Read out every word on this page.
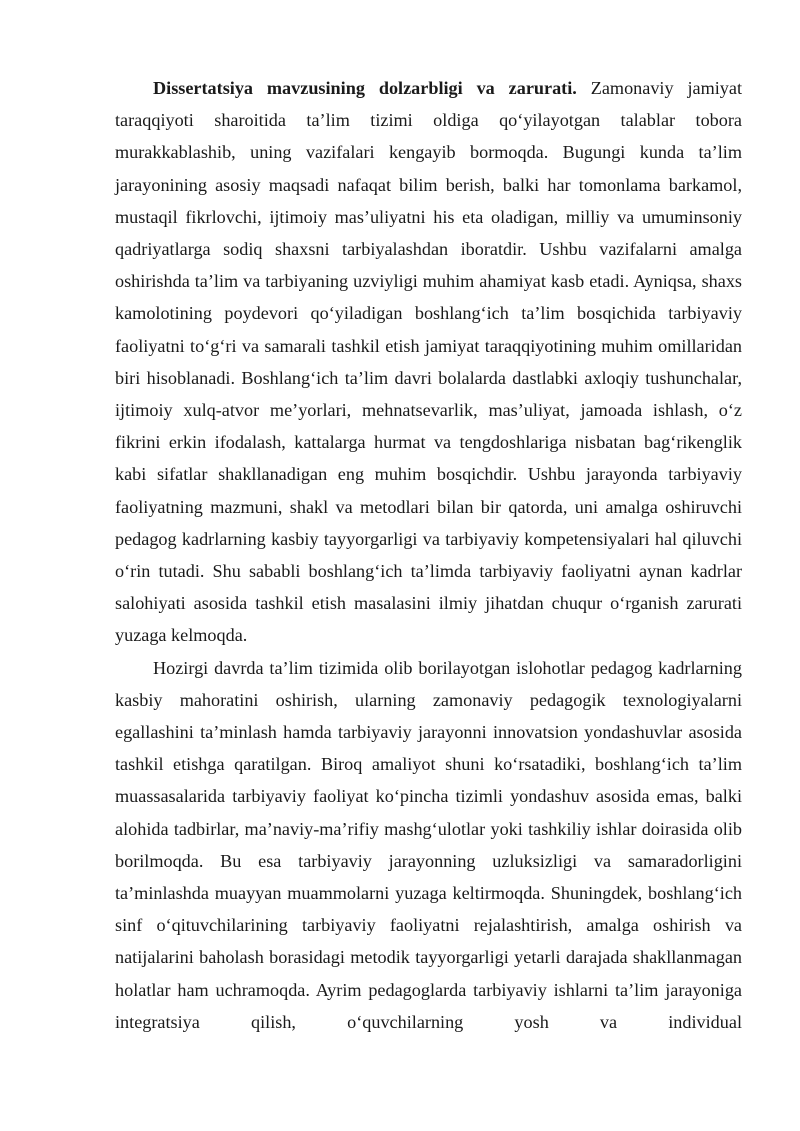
Dissertatsiya mavzusining dolzarbligi va zarurati. Zamonaviy jamiyat taraqqiyoti sharoitida ta’lim tizimi oldiga qo‘yilayotgan talablar tobora murakkablashib, uning vazifalari kengayib bormoqda. Bugungi kunda ta’lim jarayonining asosiy maqsadi nafaqat bilim berish, balki har tomonlama barkamol, mustaqil fikrlovchi, ijtimoiy mas’uliyatni his eta oladigan, milliy va umuminsoniy qadriyatlarga sodiq shaxsni tarbiyalashdan iboratdir. Ushbu vazifalarni amalga oshirishda ta’lim va tarbiyaning uzviyligi muhim ahamiyat kasb etadi. Ayniqsa, shaxs kamolotining poydevori qo‘yiladigan boshlang‘ich ta’lim bosqichida tarbiyaviy faoliyatni to‘g‘ri va samarali tashkil etish jamiyat taraqqiyotining muhim omillaridan biri hisoblanadi. Boshlang‘ich ta’lim davri bolalarda dastlabki axloqiy tushunchalar, ijtimoiy xulq-atvor me’yorlari, mehnatsevarlik, mas’uliyat, jamoada ishlash, o‘z fikrini erkin ifodalash, kattalarga hurmat va tengdoshlariga nisbatan bag‘rikenglik kabi sifatlar shakllanadigan eng muhim bosqichdir. Ushbu jarayonda tarbiyaviy faoliyatning mazmuni, shakl va metodlari bilan bir qatorda, uni amalga oshiruvchi pedagog kadrlarning kasbiy tayyorgarligi va tarbiyaviy kompetensiyalari hal qiluvchi o‘rin tutadi. Shu sababli boshlang‘ich ta’limda tarbiyaviy faoliyatni aynan kadrlar salohiyati asosida tashkil etish masalasini ilmiy jihatdan chuqur o‘rganish zarurati yuzaga kelmoqda.

Hozirgi davrda ta’lim tizimida olib borilayotgan islohotlar pedagog kadrlarning kasbiy mahoratini oshirish, ularning zamonaviy pedagogik texnologiyalarni egallashini ta’minlash hamda tarbiyaviy jarayonni innovatsion yondashuvlar asosida tashkil etishga qaratilgan. Biroq amaliyot shuni ko‘rsatadiki, boshlang‘ich ta’lim muassasalarida tarbiyaviy faoliyat ko‘pincha tizimli yondashuv asosida emas, balki alohida tadbirlar, ma’naviy-ma’rifiy mashg‘ulotlar yoki tashkiliy ishlar doirasida olib borilmoqda. Bu esa tarbiyaviy jarayonning uzluksizligi va samaradorligini ta’minlashda muayyan muammolarni yuzaga keltirmoqda. Shuningdek, boshlang‘ich sinf o‘qituvchilarining tarbiyaviy faoliyatni rejalashtirish, amalga oshirish va natijalarini baholash borasidagi metodik tayyorgarligi yetarli darajada shakllanmagan holatlar ham uchramoqda. Ayrim pedagoglarda tarbiyaviy ishlarni ta’lim jarayoniga integratsiya qilish, o‘quvchilarning yosh va individual
